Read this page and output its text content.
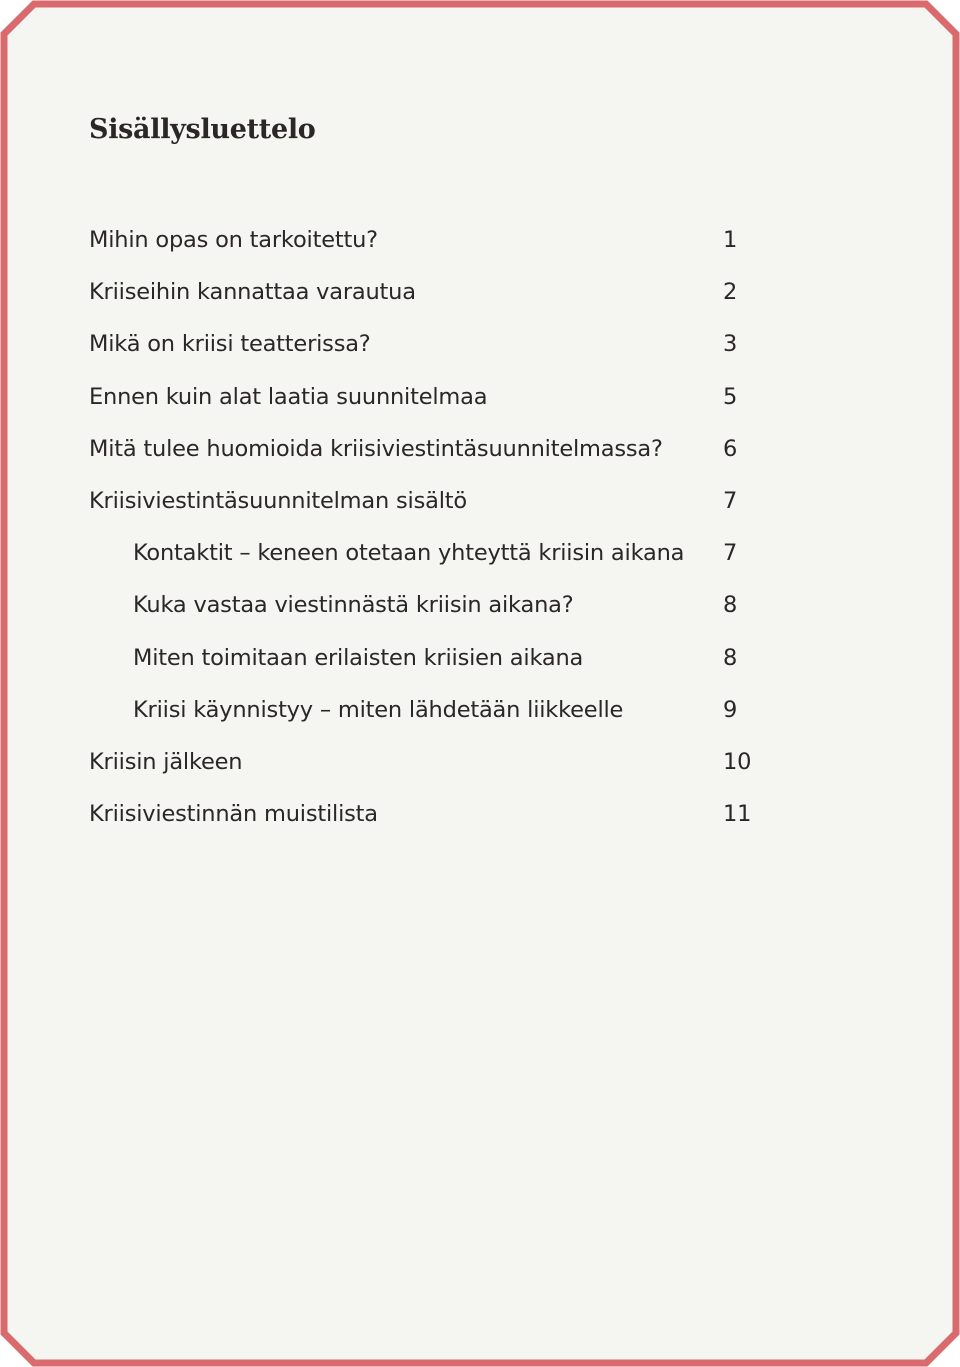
Sisällysluettelo
Mihin opas on tarkoitettu?	1
Kriiseihin kannattaa varautua	2
Mikä on kriisi teatterissa?	3
Ennen kuin alat laatia suunnitelmaa	5
Mitä tulee huomioida kriisiviestintäsuunnitelmassa?	6
Kriisiviestintäsuunnitelman sisältö	7
Kontaktit – keneen otetaan yhteyttä kriisin aikana 7
Kuka vastaa viestinnästä kriisin aikana?	8
Miten toimitaan erilaisten kriisien aikana	8
Kriisi käynnistyy – miten lähdetään liikkeelle	9
Kriisin jälkeen	10
Kriisiviestinnän muistilista	11
